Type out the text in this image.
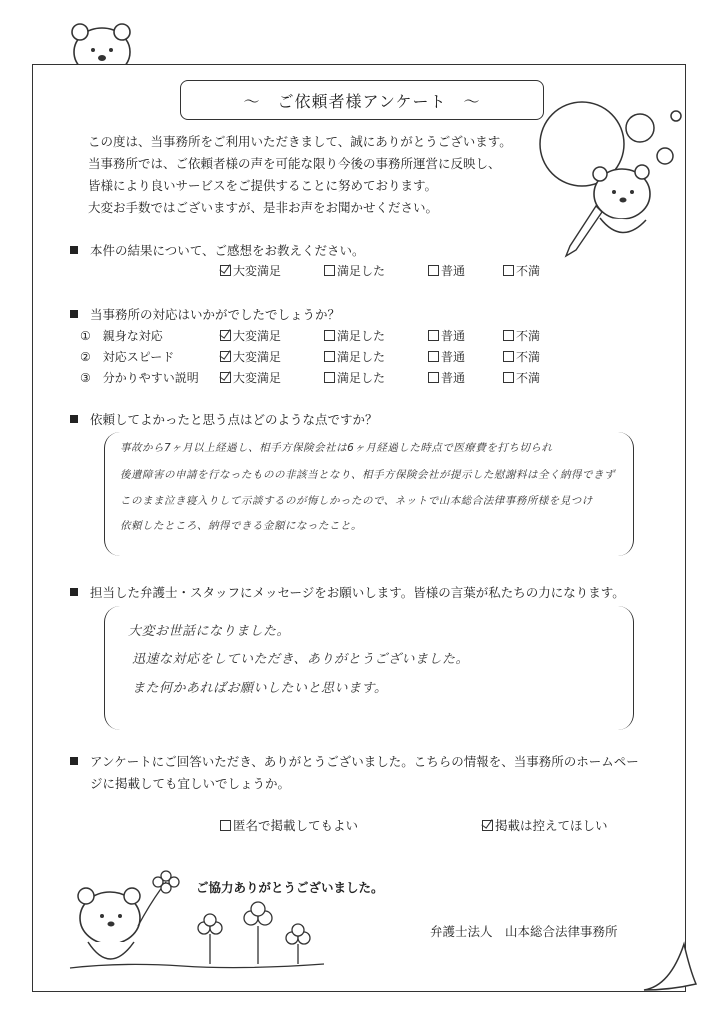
～　ご依頼者様アンケート　～
この度は、当事務所をご利用いただきまして、誠にありがとうございます。
当事務所では、ご依頼者様の声を可能な限り今後の事務所運営に反映し、
皆様により良いサービスをご提供することに努めております。
大変お手数ではございますが、是非お声をお聞かせください。
本件の結果について、ご感想をお教えください。
大変満足	満足した	普通	不満
当事務所の対応はいかがでしたでしょうか？
①　 親身な対応	大変満足	満足した	普通	不満
②　 対応スピード	大変満足	満足した	普通	不満
③　 分かりやすい説明	大変満足	満足した	普通	不満
依頼してよかったと思う点はどのような点ですか？
事故から7ヶ月以上経過し、相手方保険会社は6ヶ月経過した時点で医療費を打ち切られ
後遺障害の申請を行なったものの非該当となり、相手方保険会社が提示した慰謝料は全く納得できず
このまま泣き寝入りして示談するのが悔しかったので、ネットで山本総合法律事務所様を見つけ
依頼したところ、納得できる金額になったこと。
担当した弁護士・スタッフにメッセージをお願いします。皆様の言葉が私たちの力になります。
大変お世話になりました。
迅速な対応をしていただき、ありがとうございました。
また何かあればお願いしたいと思います。
アンケートにご回答いただき、ありがとうございました。こちらの情報を、当事務所のホームペー
ジに掲載しても宜しいでしょうか。
匿名で掲載してもよい	掲載は控えてほしい
ご協力ありがとうございました。
弁護士法人　山本総合法律事務所
